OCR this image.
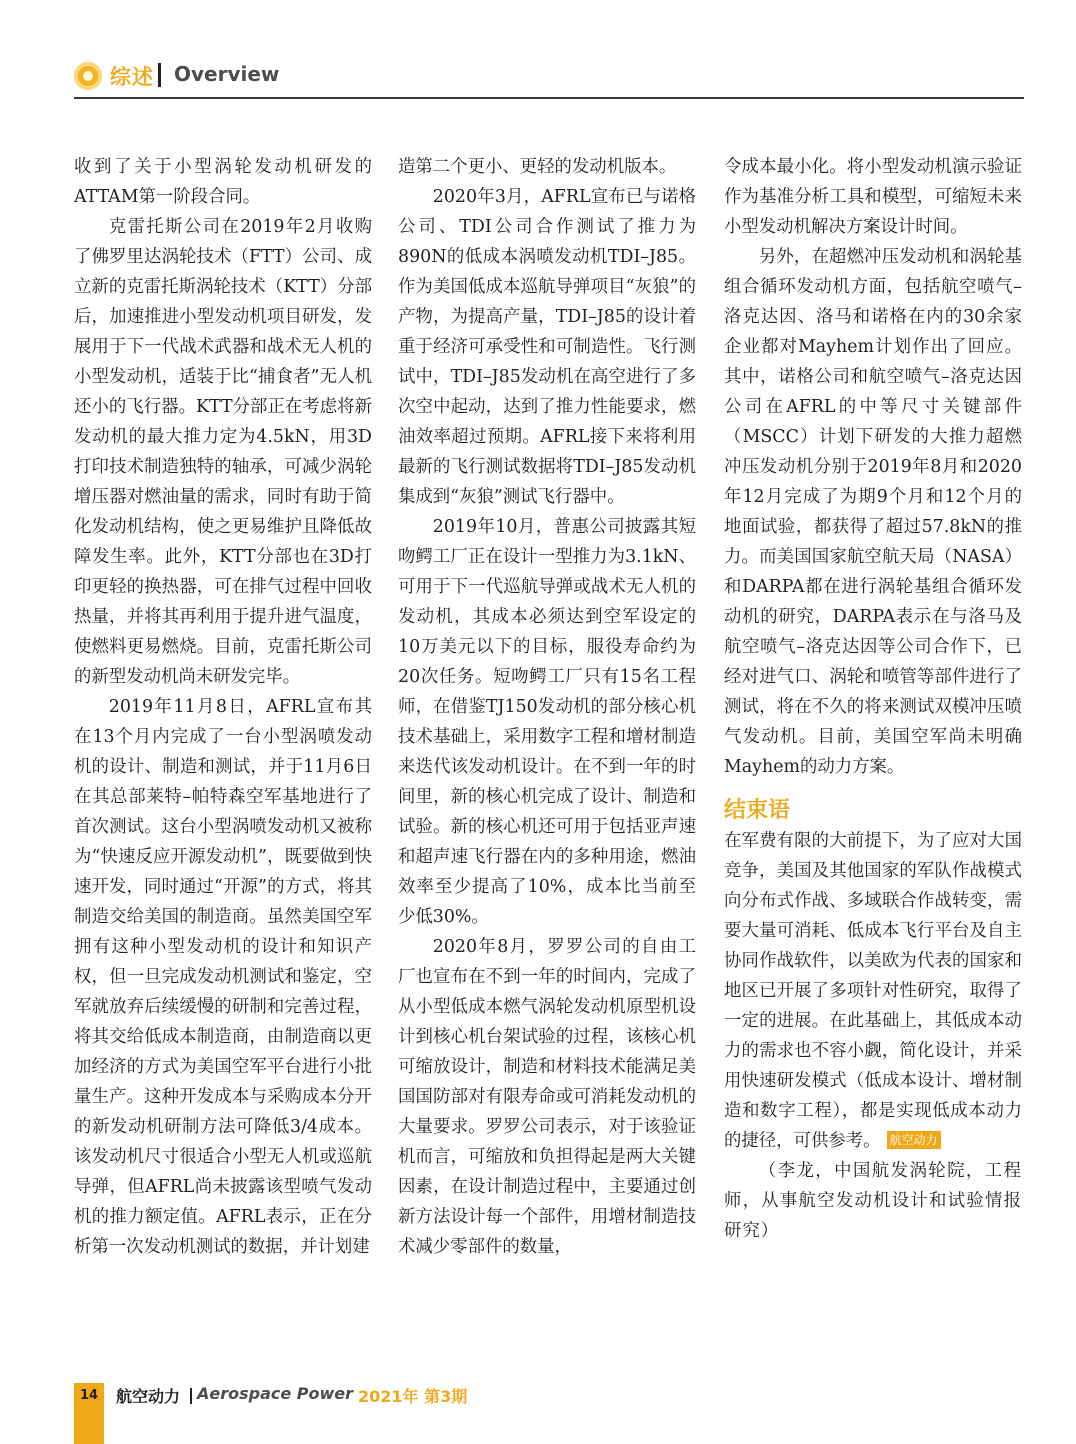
综述 Overview

收到了关于小型涡轮发动机研发的ATTAM第一阶段合同。

克雷托斯公司在2019年2月收购了佛罗里达涡轮技术（FTT）公司、成立新的克雷托斯涡轮技术（KTT）分部后，加速推进小型发动机项目研发，发展用于下一代战术武器和战术无人机的小型发动机，适装于比“捕食者”无人机还小的飞行器。KTT分部正在考虑将新发动机的最大推力定为4.5kN，用3D打印技术制造独特的轴承，可减少涡轮增压器对燃油量的需求，同时有助于简化发动机结构，使之更易维护且降低故障发生率。此外，KTT分部也在3D打印更轻的换热器，可在排气过程中回收热量，并将其再利用于提升进气温度，使燃料更易燃烧。目前，克雷托斯公司的新型发动机尚未研发完毕。

2019年11月8日，AFRL宣布其在13个月内完成了一台小型涡喷发动机的设计、制造和测试，并于11月6日在其总部莱特–帕特森空军基地进行了首次测试。这台小型涡喷发动机又被称为“快速反应开源发动机”，既要做到快速开发，同时通过“开源”的方式，将其制造交给美国的制造商。虽然美国空军拥有这种小型发动机的设计和知识产权，但一旦完成发动机测试和鉴定，空军就放弃后续缓慢的研制和完善过程，将其交给低成本制造商，由制造商以更加经济的方式为美国空军平台进行小批量生产。这种开发成本与采购成本分开的新发动机研制方法可降低3/4成本。该发动机尺寸很适合小型无人机或巡航导弹，但AFRL尚未披露该型喷气发动机的推力额定值。AFRL表示，正在分析第一次发动机测试的数据，并计划建

造第二个更小、更轻的发动机版本。

2020年3月，AFRL宣布已与诺格公司、TDI公司合作测试了推力为890N的低成本涡喷发动机TDI–J85。作为美国低成本巡航导弹项目“灰狼”的产物，为提高产量，TDI–J85的设计着重于经济可承受性和可制造性。飞行测试中，TDI–J85发动机在高空进行了多次空中起动，达到了推力性能要求，燃油效率超过预期。AFRL接下来将利用最新的飞行测试数据将TDI–J85发动机集成到“灰狼”测试飞行器中。

2019年10月，普惠公司披露其短吻鳄工厂正在设计一型推力为3.1kN、可用于下一代巡航导弹或战术无人机的发动机，其成本必须达到空军设定的10万美元以下的目标，服役寿命约为20次任务。短吻鳄工厂只有15名工程师，在借鉴TJ150发动机的部分核心机技术基础上，采用数字工程和增材制造来迭代该发动机设计。在不到一年的时间里，新的核心机完成了设计、制造和试验。新的核心机还可用于包括亚声速和超声速飞行器在内的多种用途，燃油效率至少提高了10%，成本比当前至少低30%。

2020年8月，罗罗公司的自由工厂也宣布在不到一年的时间内，完成了从小型低成本燃气涡轮发动机原型机设计到核心机台架试验的过程，该核心机可缩放设计，制造和材料技术能满足美国国防部对有限寿命或可消耗发动机的大量要求。罗罗公司表示，对于该验证机而言，可缩放和负担得起是两大关键因素，在设计制造过程中，主要通过创新方法设计每一个部件，用增材制造技术减少零部件的数量，

令成本最小化。将小型发动机演示验证作为基准分析工具和模型，可缩短未来小型发动机解决方案设计时间。

另外，在超燃冲压发动机和涡轮基组合循环发动机方面，包括航空喷气–洛克达因、洛马和诺格在内的30余家企业都对Mayhem计划作出了回应。其中，诺格公司和航空喷气–洛克达因公司在AFRL的中等尺寸关键部件（MSCC）计划下研发的大推力超燃冲压发动机分别于2019年8月和2020年12月完成了为期9个月和12个月的地面试验，都获得了超过57.8kN的推力。而美国国家航空航天局（NASA）和DARPA都在进行涡轮基组合循环发动机的研究，DARPA表示在与洛马及航空喷气–洛克达因等公司合作下，已经对进气口、涡轮和喷管等部件进行了测试，将在不久的将来测试双模冲压喷气发动机。目前，美国空军尚未明确Mayhem的动力方案。

结束语

在军费有限的大前提下，为了应对大国竞争，美国及其他国家的军队作战模式向分布式作战、多域联合作战转变，需要大量可消耗、低成本飞行平台及自主协同作战软件，以美欧为代表的国家和地区已开展了多项针对性研究，取得了一定的进展。在此基础上，其低成本动力的需求也不容小觑，简化设计，并采用快速研发模式（低成本设计、增材制造和数字工程），都是实现低成本动力的捷径，可供参考。 航空动力

（李龙，中国航发涡轮院，工程师，从事航空发动机设计和试验情报研究）

14	航空动力 Aerospace Power 2021年 第3期
